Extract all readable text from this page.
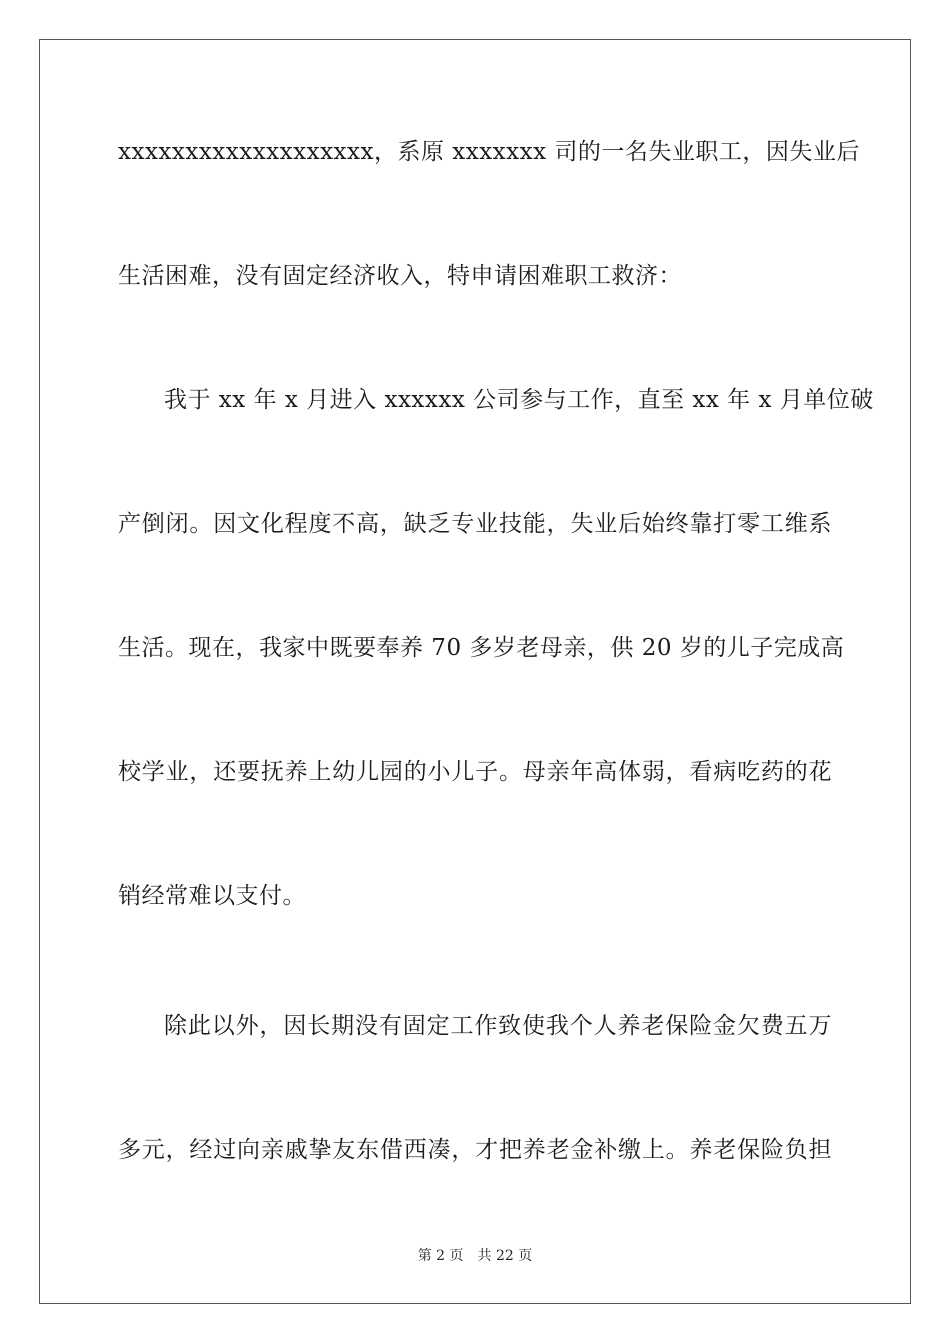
xxxxxxxxxxxxxxxxxxx，系原 xxxxxxx 司的一名失业职工，因失业后
生活困难，没有固定经济收入，特申请困难职工救济：
我于 xx 年 x 月进入 xxxxxx 公司参与工作，直至 xx 年 x 月单位破
产倒闭。因文化程度不高，缺乏专业技能，失业后始终靠打零工维系
生活。现在，我家中既要奉养 70 多岁老母亲，供 20 岁的儿子完成高
校学业，还要抚养上幼儿园的小儿子。母亲年高体弱，看病吃药的花
销经常难以支付。
除此以外，因长期没有固定工作致使我个人养老保险金欠费五万
多元，经过向亲戚挚友东借西凑，才把养老金补缴上。养老保险负担
第 2 页 共 22 页
